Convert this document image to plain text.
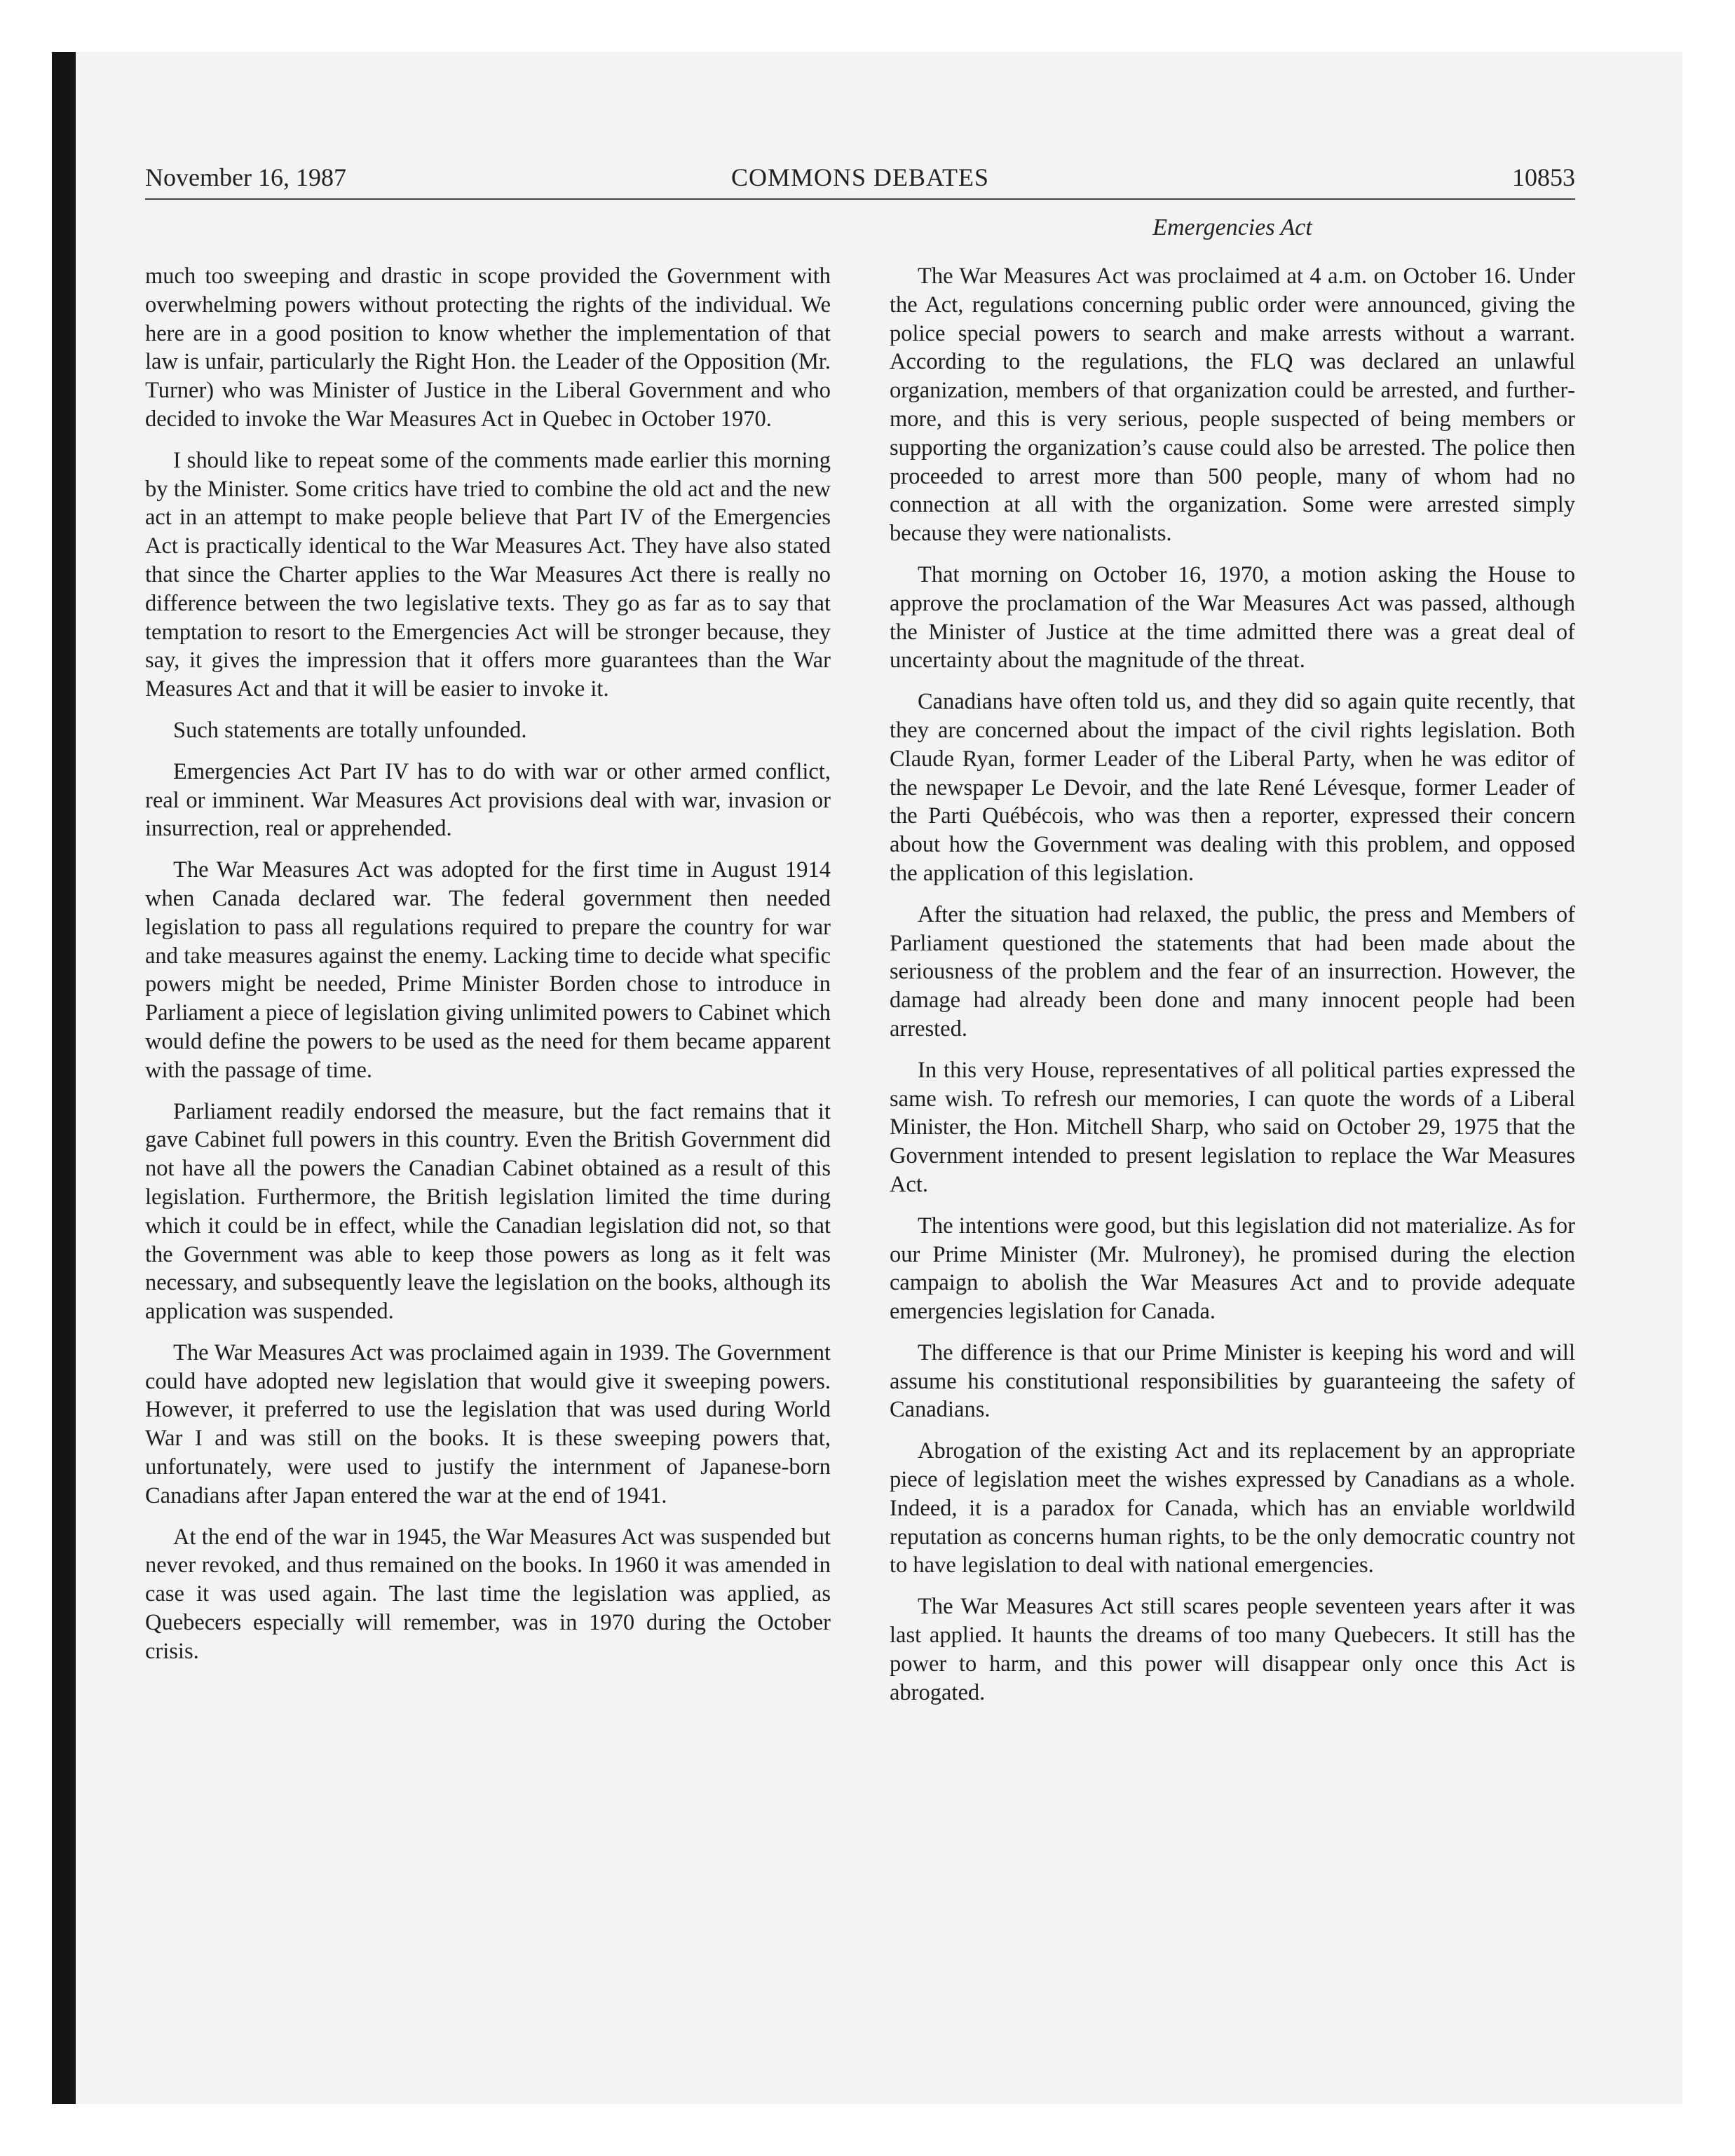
November 16, 1987	COMMONS DEBATES	10853
Emergencies Act

much too sweeping and drastic in scope provided the Government with overwhelming powers without protecting the rights of the individual. We here are in a good position to know whether the implementation of that law is unfair, particularly the Right Hon. the Leader of the Opposition (Mr. Turner) who was Minister of Justice in the Liberal Government and who decided to invoke the War Measures Act in Quebec in October 1970.

I should like to repeat some of the comments made earlier this morning by the Minister. Some critics have tried to combine the old act and the new act in an attempt to make people believe that Part IV of the Emergencies Act is practically identical to the War Measures Act. They have also stated that since the Charter applies to the War Measures Act there is really no difference between the two legislative texts. They go as far as to say that temptation to resort to the Emergencies Act will be stronger because, they say, it gives the impression that it offers more guarantees than the War Measures Act and that it will be easier to invoke it.

Such statements are totally unfounded.

Emergencies Act Part IV has to do with war or other armed conflict, real or imminent. War Measures Act provisions deal with war, invasion or insurrection, real or apprehended.

The War Measures Act was adopted for the first time in August 1914 when Canada declared war. The federal government then needed legislation to pass all regulations required to prepare the country for war and take measures against the enemy. Lacking time to decide what specific powers might be needed, Prime Minister Borden chose to introduce in Parliament a piece of legislation giving unlimited powers to Cabinet which would define the powers to be used as the need for them became apparent with the passage of time.

Parliament readily endorsed the measure, but the fact remains that it gave Cabinet full powers in this country. Even the British Government did not have all the powers the Canadian Cabinet obtained as a result of this legislation. Furthermore, the British legislation limited the time during which it could be in effect, while the Canadian legislation did not, so that the Government was able to keep those powers as long as it felt was necessary, and subsequently leave the legislation on the books, although its application was suspended.

The War Measures Act was proclaimed again in 1939. The Government could have adopted new legislation that would give it sweeping powers. However, it preferred to use the legislation that was used during World War I and was still on the books. It is these sweeping powers that, unfortunately, were used to justify the internment of Japanese-born Canadians after Japan entered the war at the end of 1941.

At the end of the war in 1945, the War Measures Act was suspended but never revoked, and thus remained on the books. In 1960 it was amended in case it was used again. The last time the legislation was applied, as Quebecers especially will remember, was in 1970 during the October crisis.

The War Measures Act was proclaimed at 4 a.m. on October 16. Under the Act, regulations concerning public order were announced, giving the police special powers to search and make arrests without a warrant. According to the regulations, the FLQ was declared an unlawful organization, members of that organization could be arrested, and furthermore, and this is very serious, people suspected of being members or supporting the organization’s cause could also be arrested. The police then proceeded to arrest more than 500 people, many of whom had no connection at all with the organization. Some were arrested simply because they were nationalists.

That morning on October 16, 1970, a motion asking the House to approve the proclamation of the War Measures Act was passed, although the Minister of Justice at the time admitted there was a great deal of uncertainty about the magnitude of the threat.

Canadians have often told us, and they did so again quite recently, that they are concerned about the impact of the civil rights legislation. Both Claude Ryan, former Leader of the Liberal Party, when he was editor of the newspaper Le Devoir, and the late René Lévesque, former Leader of the Parti Québécois, who was then a reporter, expressed their concern about how the Government was dealing with this problem, and opposed the application of this legislation.

After the situation had relaxed, the public, the press and Members of Parliament questioned the statements that had been made about the seriousness of the problem and the fear of an insurrection. However, the damage had already been done and many innocent people had been arrested.

In this very House, representatives of all political parties expressed the same wish. To refresh our memories, I can quote the words of a Liberal Minister, the Hon. Mitchell Sharp, who said on October 29, 1975 that the Government intended to present legislation to replace the War Measures Act.

The intentions were good, but this legislation did not materialize. As for our Prime Minister (Mr. Mulroney), he promised during the election campaign to abolish the War Measures Act and to provide adequate emergencies legislation for Canada.

The difference is that our Prime Minister is keeping his word and will assume his constitutional responsibilities by guaranteeing the safety of Canadians.

Abrogation of the existing Act and its replacement by an appropriate piece of legislation meet the wishes expressed by Canadians as a whole. Indeed, it is a paradox for Canada, which has an enviable worldwild reputation as concerns human rights, to be the only democratic country not to have legislation to deal with national emergencies.

The War Measures Act still scares people seventeen years after it was last applied. It haunts the dreams of too many Quebecers. It still has the power to harm, and this power will disappear only once this Act is abrogated.
